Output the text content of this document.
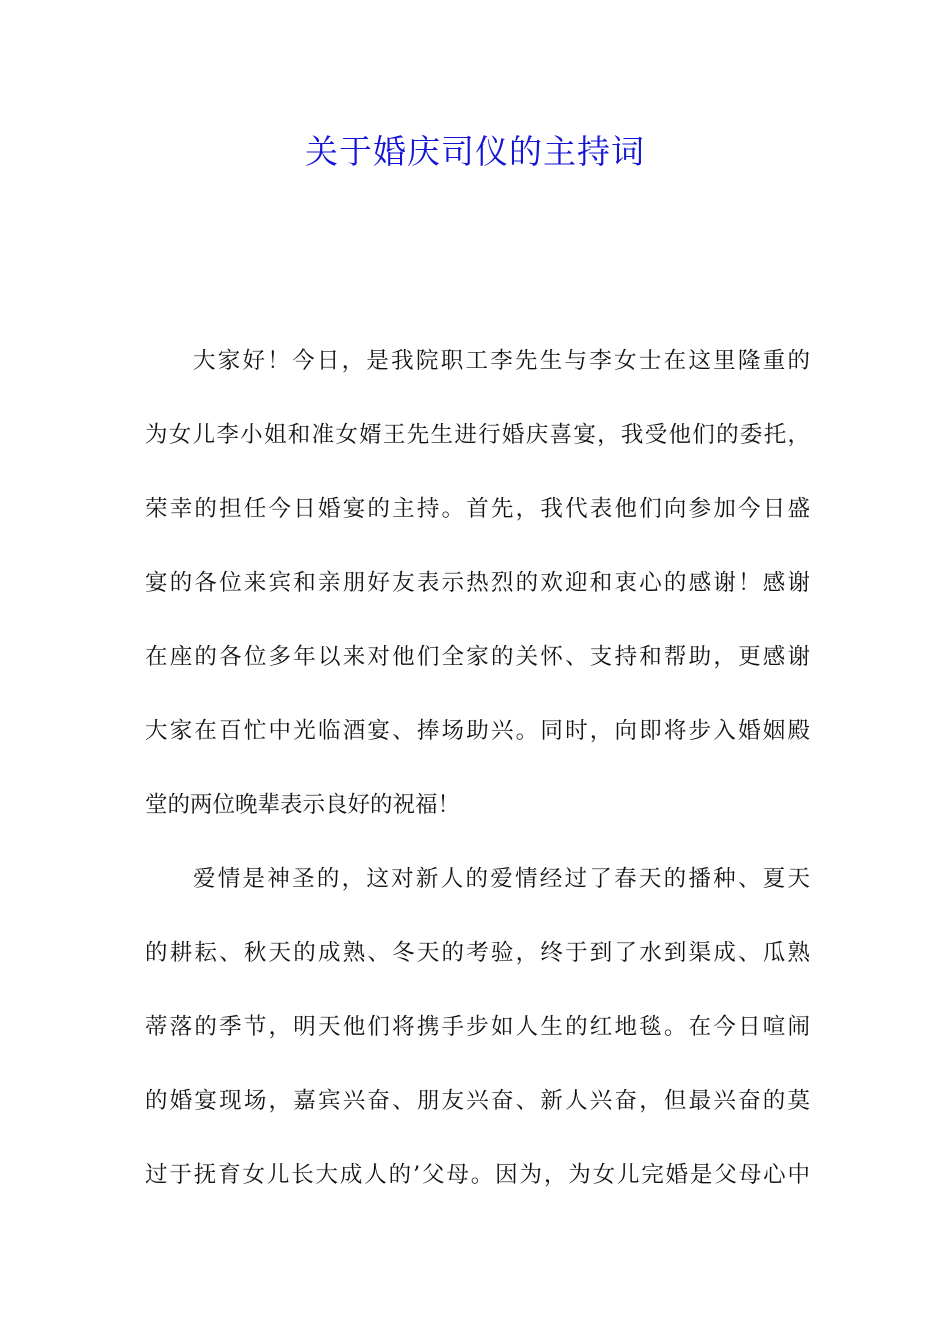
关于婚庆司仪的主持词
大家好！今日，是我院职工李先生与李女士在这里隆重的
为女儿李小姐和准女婿王先生进行婚庆喜宴，我受他们的委托，
荣幸的担任今日婚宴的主持。首先，我代表他们向参加今日盛
宴的各位来宾和亲朋好友表示热烈的欢迎和衷心的感谢！感谢
在座的各位多年以来对他们全家的关怀、支持和帮助，更感谢
大家在百忙中光临酒宴、捧场助兴。同时，向即将步入婚姻殿
堂的两位晚辈表示良好的祝福！
爱情是神圣的，这对新人的爱情经过了春天的播种、夏天
的耕耘、秋天的成熟、冬天的考验，终于到了水到渠成、瓜熟
蒂落的季节，明天他们将携手步如人生的红地毯。在今日喧闹
的婚宴现场，嘉宾兴奋、朋友兴奋、新人兴奋，但最兴奋的莫
过于抚育女儿长大成人的’父母。因为，为女儿完婚是父母心中
